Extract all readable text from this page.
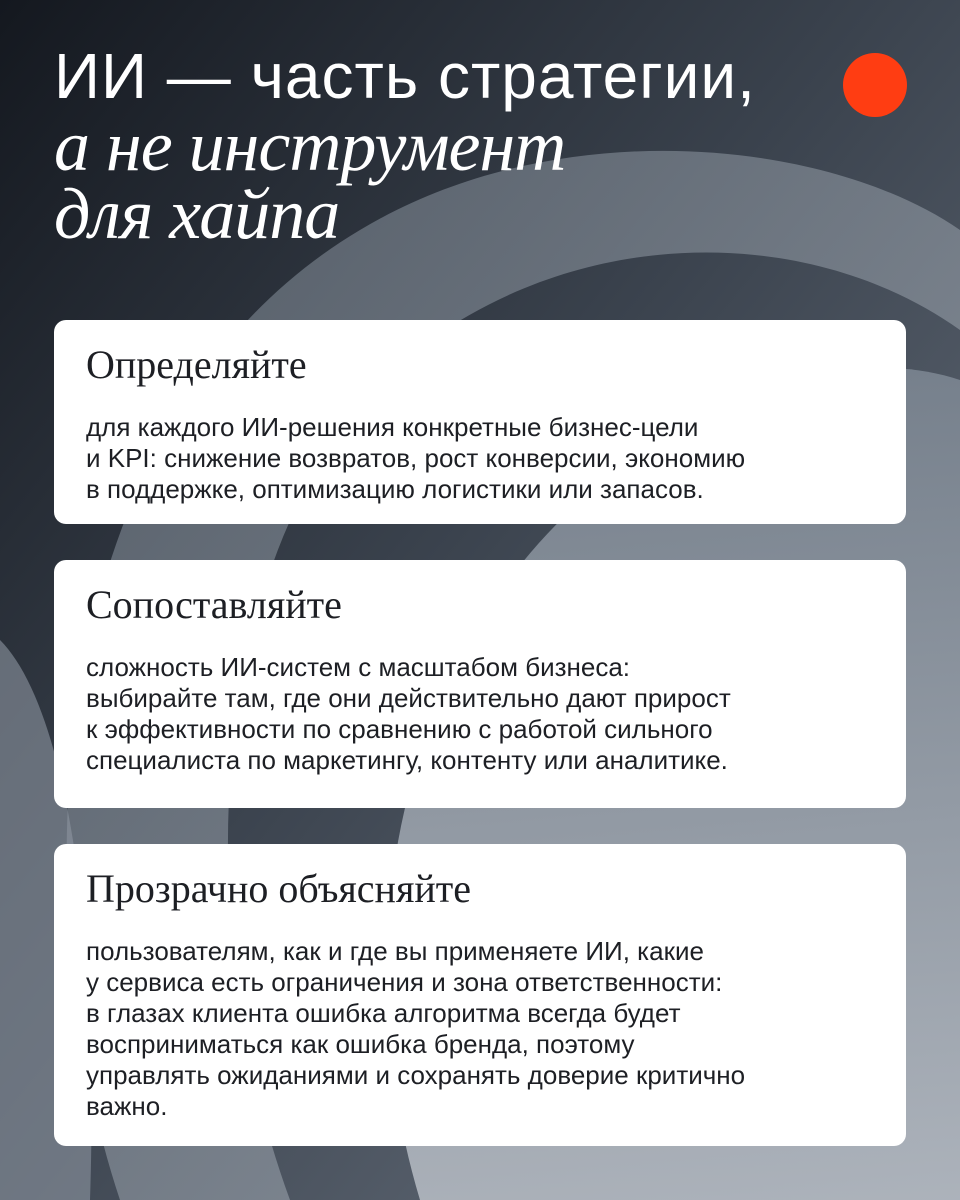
ИИ — часть стратегии,
а не инструмент
для хайпа
Определяйте
для каждого ИИ-решения конкретные бизнес-цели
и KPI: снижение возвратов, рост конверсии, экономию
в поддержке, оптимизацию логистики или запасов.
Сопоставляйте
сложность ИИ-систем с масштабом бизнеса:
выбирайте там, где они действительно дают прирост
к эффективности по сравнению с работой сильного
специалиста по маркетингу, контенту или аналитике.
Прозрачно объясняйте
пользователям, как и где вы применяете ИИ, какие
у сервиса есть ограничения и зона ответственности:
в глазах клиента ошибка алгоритма всегда будет
восприниматься как ошибка бренда, поэтому
управлять ожиданиями и сохранять доверие критично
важно.
